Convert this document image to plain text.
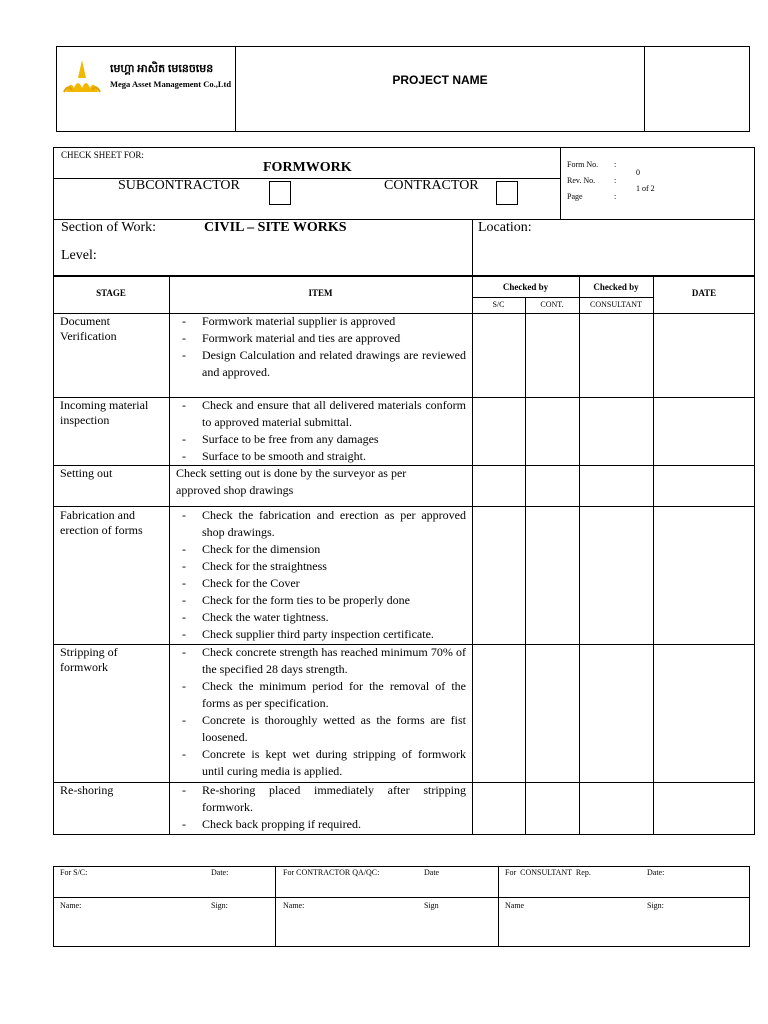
មេហ្គា អាសិត មេនេចមេន
Mega Asset Management Co.,Ltd	PROJECT NAME
CHECK SHEET FOR:
FORMWORK
SUBCONTRACTOR	CONTRACTOR
Form No. :
0
Rev. No. :
Page	:
1 of 2
Section of Work:	CIVIL – SITE WORKS	Location:
Level:
STAGE	ITEM
Checked by	Checked by
DATE
S/C	CONT.	CONSULTANT
Document Verification
- Formwork material supplier is approved
- Formwork material and ties are approved
- Design Calculation and related drawings are reviewed and approved.
Incoming material inspection
- Check and ensure that all delivered materials conform to approved material submittal.
- Surface to be free from any damages
- Surface to be smooth and straight.
Setting out	Check setting out is done by the surveyor as per approved shop drawings
Fabrication and erection of forms
- Check the fabrication and erection as per approved shop drawings.
- Check for the dimension
- Check for the straightness
- Check for the Cover
- Check for the form ties to be properly done
- Check the water tightness.
- Check supplier third party inspection certificate.
Stripping of formwork
- Check concrete strength has reached minimum 70% of the specified 28 days strength.
- Check the minimum period for the removal of the forms as per specification.
- Concrete is thoroughly wetted as the forms are fist loosened.
- Concrete is kept wet during stripping of formwork until curing media is applied.
Re-shoring
-	Re-shoring placed immediately after stripping formwork.
- Check back propping if required.
For S/C:	Date:	For CONTRACTOR QA/QC:	Date	For  CONSULTANT  Rep.	Date:
Name:	Sign:	Name:	Sign	Name	Sign:
